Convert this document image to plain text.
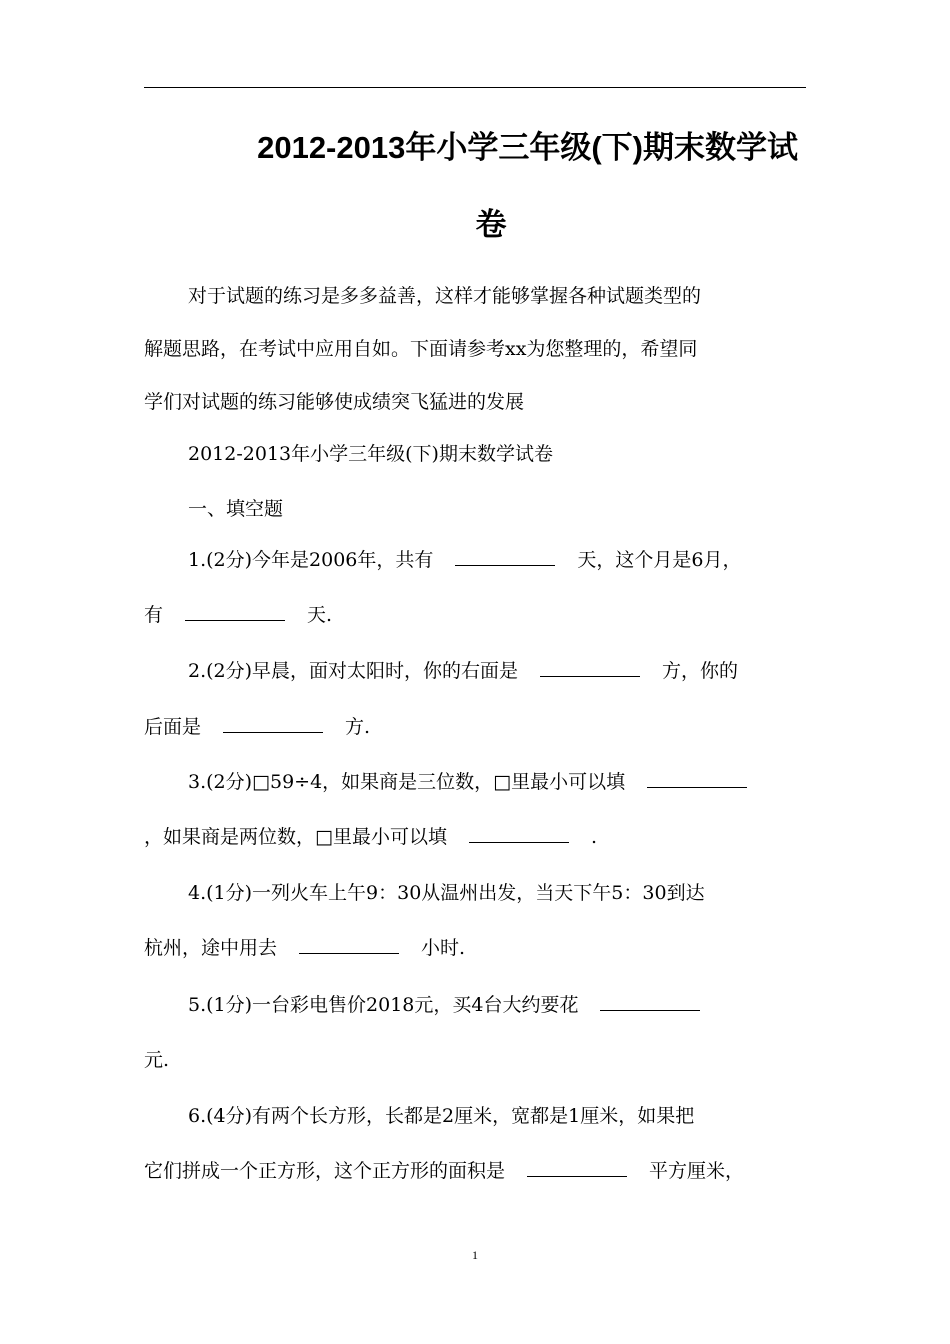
2012-2013年小学三年级(下)期末数学试
卷
对于试题的练习是多多益善，这样才能够掌握各种试题类型的
解题思路，在考试中应用自如。下面请参考xx为您整理的，希望同
学们对试题的练习能够使成绩突飞猛进的发展
2012-2013年小学三年级(下)期末数学试卷
一、填空题
1.(2分)今年是2006年，共有	天，这个月是6月，
有	天.
2.(2分)早晨，面对太阳时，你的右面是	方，你的
后面是	方.
3.(2分)□59÷4，如果商是三位数，□里最小可以填
，如果商是两位数，□里最小可以填	.
4.(1分)一列火车上午9：30从温州出发，当天下午5：30到达
杭州，途中用去	小时.
5.(1分)一台彩电售价2018元，买4台大约要花
元.
6.(4分)有两个长方形，长都是2厘米，宽都是1厘米，如果把
它们拼成一个正方形，这个正方形的面积是	平方厘米，
1
